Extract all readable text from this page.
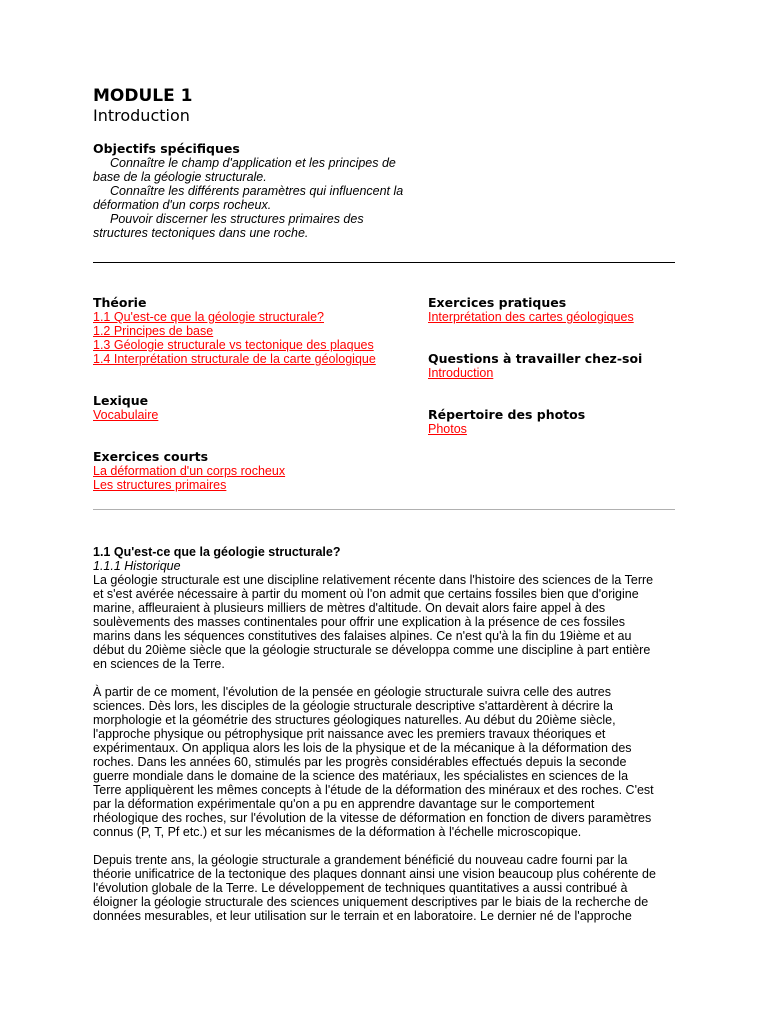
MODULE 1
Introduction
Objectifs spécifiques

Connaître le champ d'application et les principes de
base de la géologie structurale.

Connaître les différents paramètres qui influencent la
déformation d'un corps rocheux.

Pouvoir discerner les structures primaires des
structures tectoniques dans une roche.

Théorie
1.1 Qu'est-ce que la géologie structurale?
1.2 Principes de base
1.3 Géologie structurale vs tectonique des plaques
1.4 Interprétation structurale de la carte géologique
Lexique
Vocabulaire
Exercices courts
La déformation d'un corps rocheux
Les structures primaires
Exercices pratiques
Interprétation des cartes géologiques
Questions à travailler chez-soi
Introduction
Répertoire des photos
Photos
1.1 Qu'est-ce que la géologie structurale?
1.1.1 Historique

La géologie structurale est une discipline relativement récente dans l'histoire des sciences de la Terre
et s'est avérée nécessaire à partir du moment où l'on admit que certains fossiles bien que d'origine
marine, affleuraient à plusieurs milliers de mètres d'altitude. On devait alors faire appel à des
soulèvements des masses continentales pour offrir une explication à la présence de ces fossiles
marins dans les séquences constitutives des falaises alpines. Ce n'est qu'à la fin du 19ième et au
début du 20ième siècle que la géologie structurale se développa comme une discipline à part entière
en sciences de la Terre.

À partir de ce moment, l'évolution de la pensée en géologie structurale suivra celle des autres
sciences. Dès lors, les disciples de la géologie structurale descriptive s'attardèrent à décrire la
morphologie et la géométrie des structures géologiques naturelles. Au début du 20ième siècle,
l'approche physique ou pétrophysique prit naissance avec les premiers travaux théoriques et
expérimentaux. On appliqua alors les lois de la physique et de la mécanique à la déformation des
roches. Dans les années 60, stimulés par les progrès considérables effectués depuis la seconde
guerre mondiale dans le domaine de la science des matériaux, les spécialistes en sciences de la
Terre appliquèrent les mêmes concepts à l'étude de la déformation des minéraux et des roches. C'est
par la déformation expérimentale qu'on a pu en apprendre davantage sur le comportement
rhéologique des roches, sur l'évolution de la vitesse de déformation en fonction de divers paramètres
connus (P, T, Pf etc.) et sur les mécanismes de la déformation à l'échelle microscopique.

Depuis trente ans, la géologie structurale a grandement bénéficié du nouveau cadre fourni par la
théorie unificatrice de la tectonique des plaques donnant ainsi une vision beaucoup plus cohérente de
l'évolution globale de la Terre. Le développement de techniques quantitatives a aussi contribué à
éloigner la géologie structurale des sciences uniquement descriptives par le biais de la recherche de
données mesurables, et leur utilisation sur le terrain et en laboratoire. Le dernier né de l'approche
